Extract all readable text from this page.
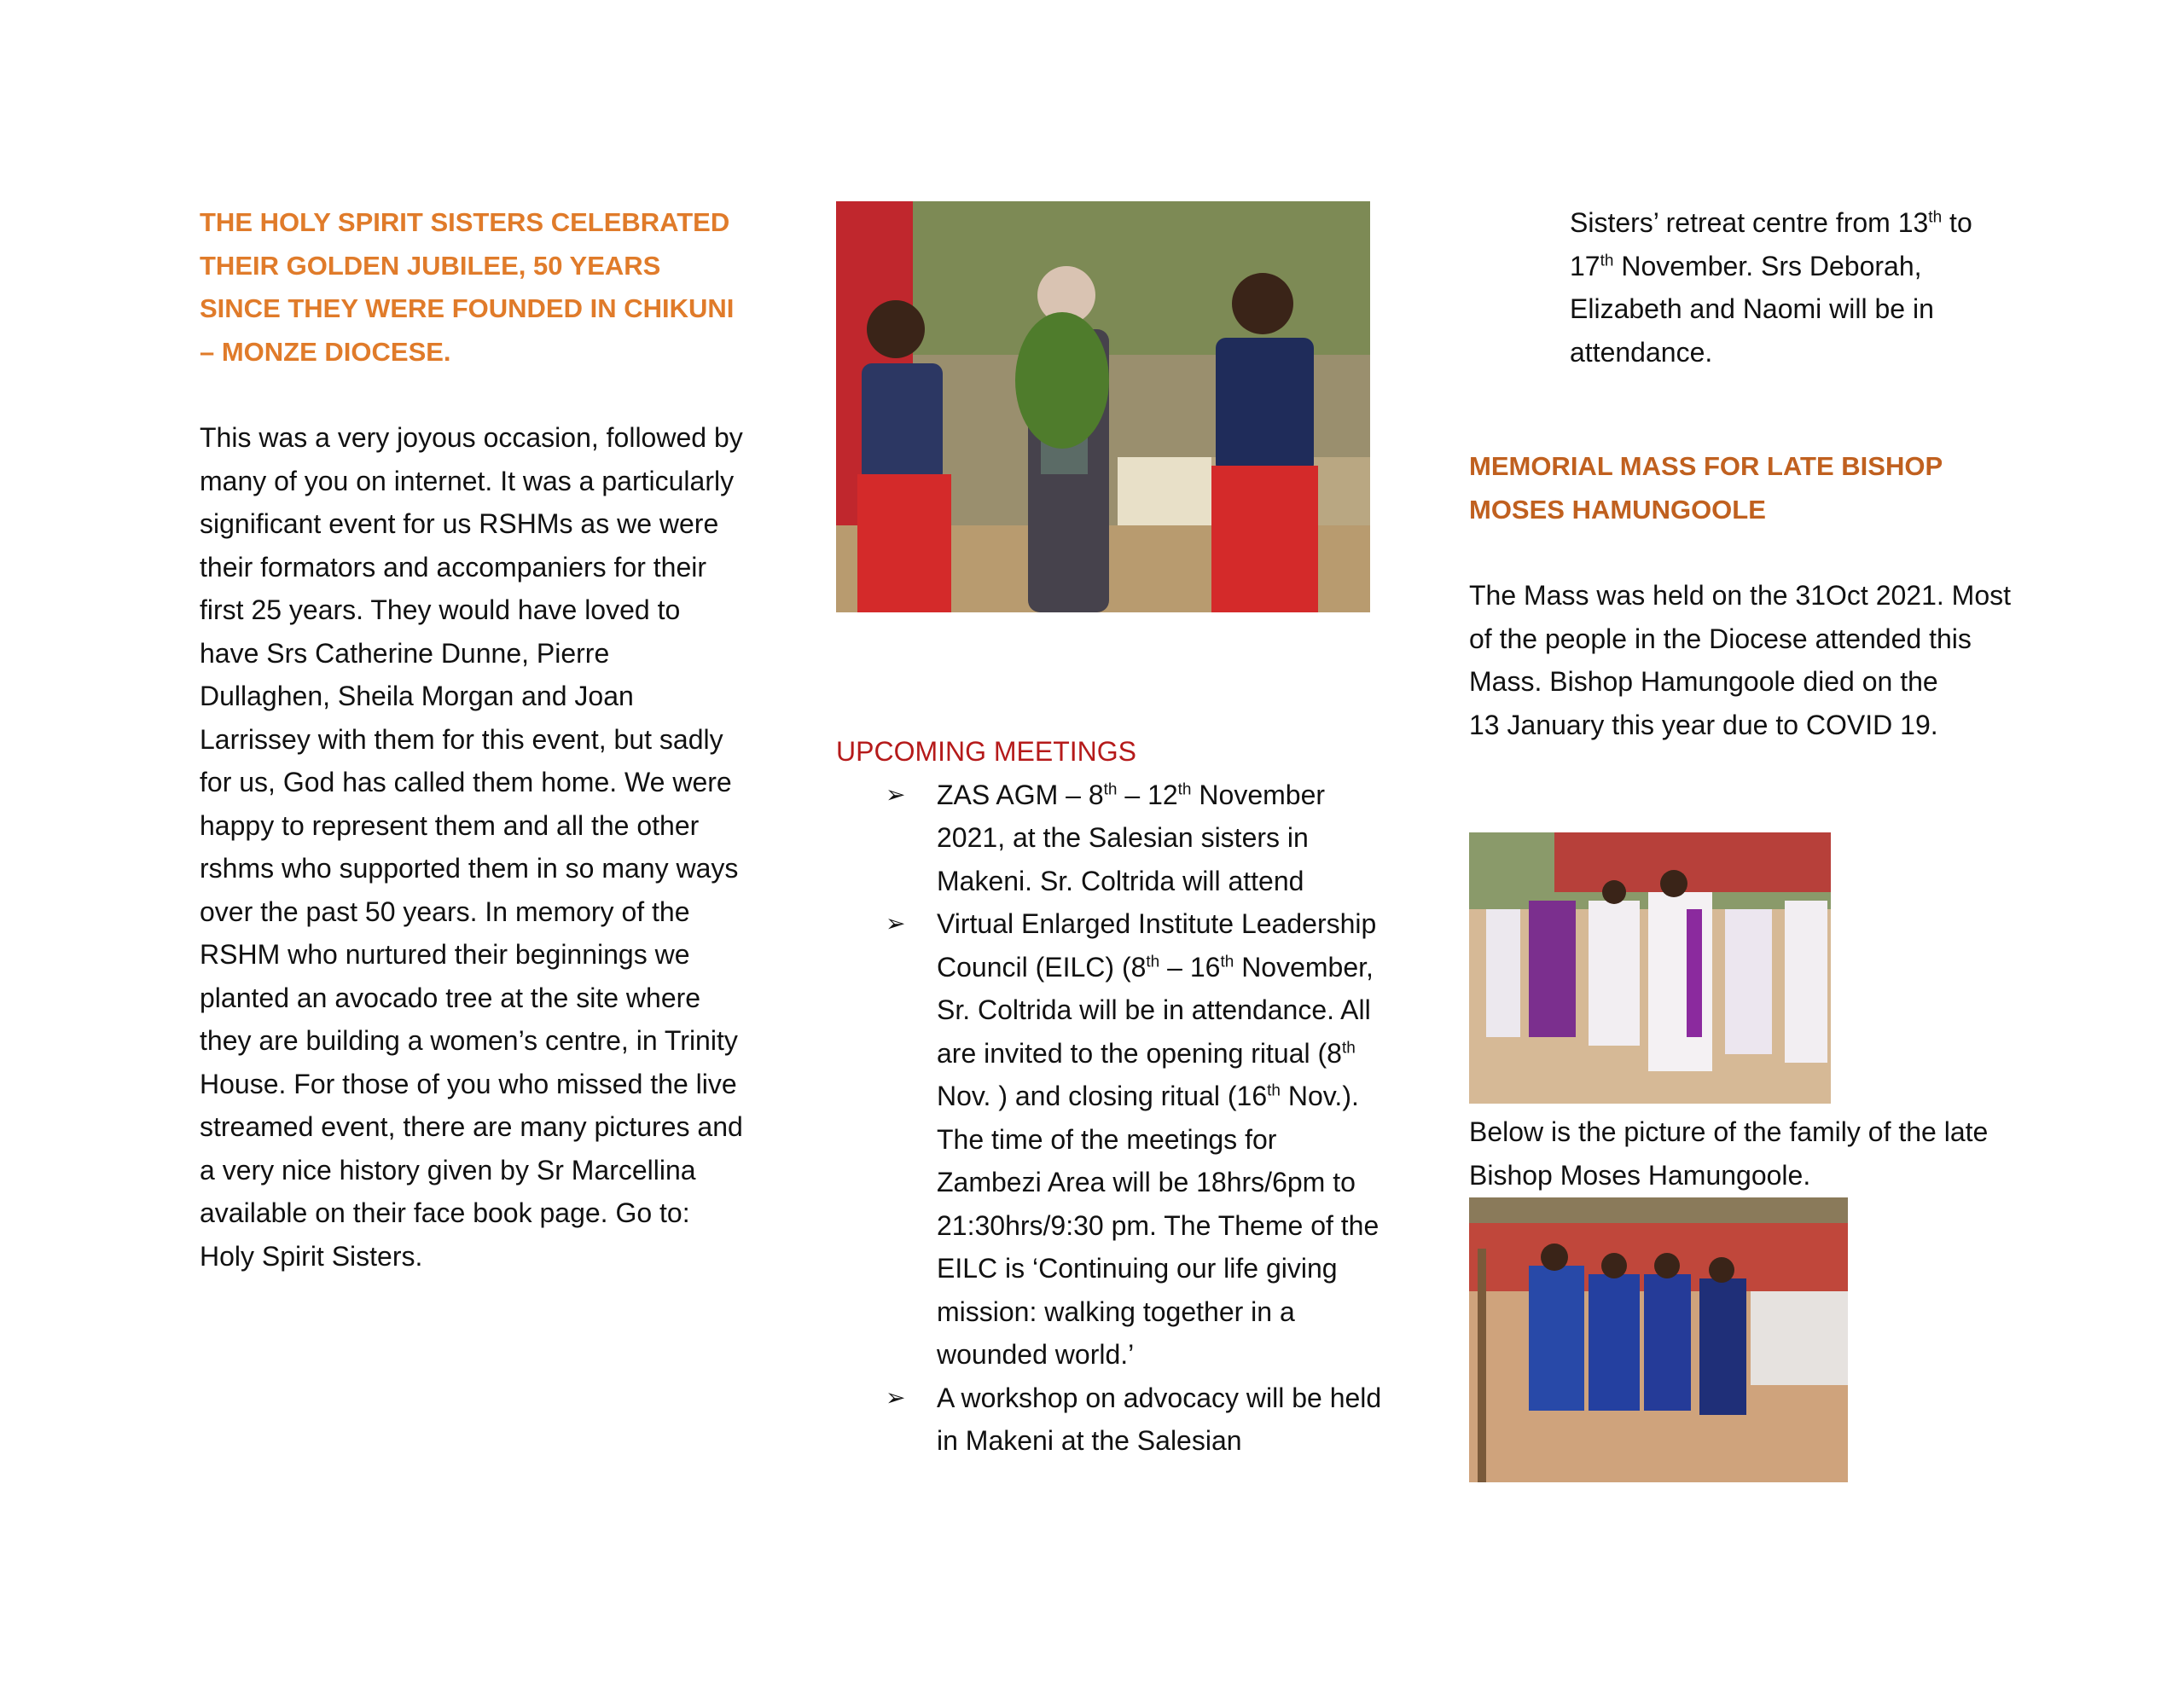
THE HOLY SPIRIT SISTERS CELEBRATED THEIR GOLDEN JUBILEE, 50 YEARS SINCE THEY WERE FOUNDED IN CHIKUNI – MONZE DIOCESE.

This was a very joyous occasion, followed by many of you on internet. It was a particularly significant event for us RSHMs as we were their formators and accompaniers for their first 25 years. They would have loved to have Srs Catherine Dunne, Pierre Dullaghen, Sheila Morgan and Joan Larrissey with them for this event, but sadly for us, God has called them home. We were happy to represent them and all the other rshms who supported them in so many ways over the past 50 years. In memory of the RSHM who nurtured their beginnings we planted an avocado tree at the site where they are building a women’s centre, in Trinity House. For those of you who missed the live streamed event, there are many pictures and a very nice history given by Sr Marcellina available on their face book page. Go to: Holy Spirit Sisters.

UPCOMING MEETINGS

➢ ZAS AGM – 8th – 12th November 2021, at the Salesian sisters in Makeni. Sr. Coltrida will attend
➢ Virtual Enlarged Institute Leadership Council (EILC) (8th – 16th November, Sr. Coltrida will be in attendance. All are invited to the opening ritual (8th Nov. ) and closing ritual (16th Nov.). The time of the meetings for Zambezi Area will be 18hrs/6pm to 21:30hrs/9:30 pm. The Theme of the EILC is ‘Continuing our life giving mission: walking together in a wounded world.’
➢ A workshop on advocacy will be held in Makeni at the Salesian

Sisters’ retreat centre from 13th to 17th November. Srs Deborah, Elizabeth and Naomi will be in attendance.

MEMORIAL MASS FOR LATE BISHOP MOSES HAMUNGOOLE

The Mass was held on the 31Oct 2021. Most of the people in the Diocese attended this Mass. Bishop Hamungoole died on the

13 January this year due to COVID 19.

Below is the picture of the family of the late Bishop Moses Hamungoole.
